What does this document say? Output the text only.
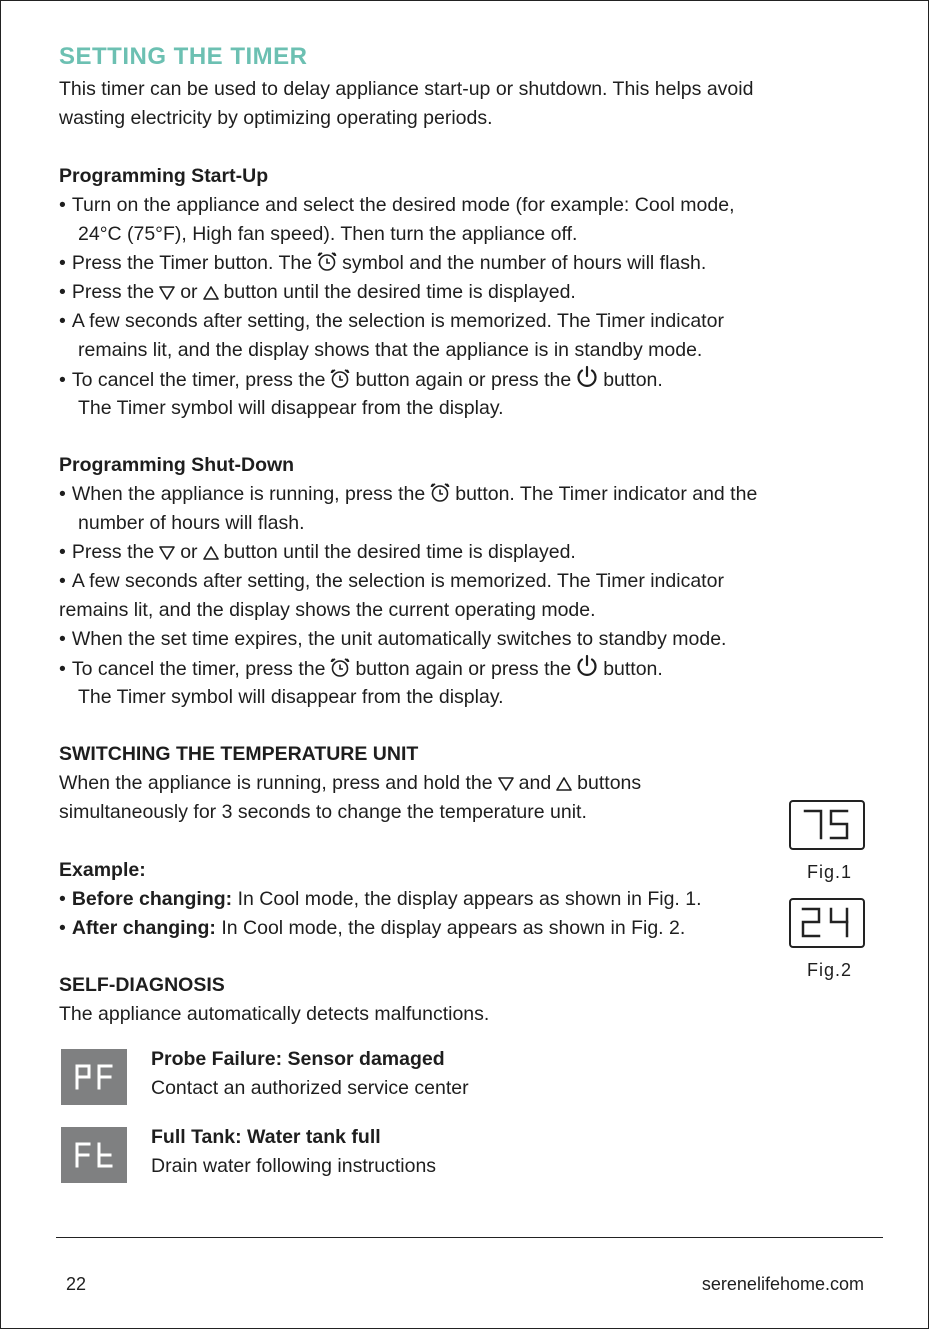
SETTING THE TIMER

This timer can be used to delay appliance start-up or shutdown. This helps avoid

wasting electricity by optimizing operating periods.

Programming Start-Up

• Turn on the appliance and select the desired mode (for example: Cool mode,

24°C (75°F), High fan speed). Then turn the appliance off.

• Press the Timer button. The symbol and the number of hours will flash.

• Press the or button until the desired time is displayed.

• A few seconds after setting, the selection is memorized. The Timer indicator

remains lit, and the display shows that the appliance is in standby mode.

• To cancel the timer, press the button again or press the button.

The Timer symbol will disappear from the display.

Programming Shut-Down

• When the appliance is running, press the button. The Timer indicator and the

number of hours will flash.

• Press the or button until the desired time is displayed.

• A few seconds after setting, the selection is memorized. The Timer indicator

remains lit, and the display shows the current operating mode.

• When the set time expires, the unit automatically switches to standby mode.

• To cancel the timer, press the button again or press the button.

The Timer symbol will disappear from the display.

SWITCHING THE TEMPERATURE UNIT

When the appliance is running, press and hold the and buttons

simultaneously for 3 seconds to change the temperature unit.

Example:

• Before changing: In Cool mode, the display appears as shown in Fig. 1.

• After changing: In Cool mode, the display appears as shown in Fig. 2.

Fig.1
Fig.2

SELF-DIAGNOSIS

The appliance automatically detects malfunctions.

Probe Failure: Sensor damaged

Contact an authorized service center

Full Tank: Water tank full

Drain water following instructions

22	serenelifehome.com
